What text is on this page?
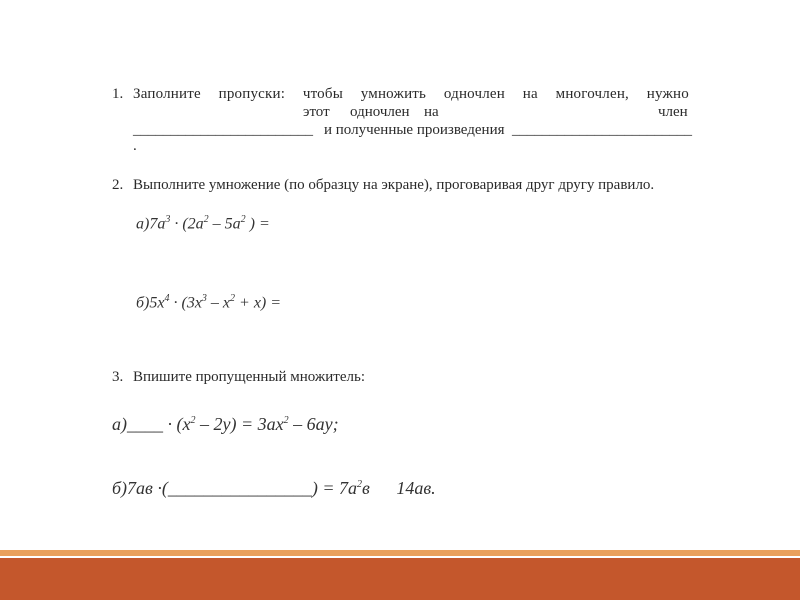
1. Заполните пропуски: чтобы умножить одночлен на многочлен, нужно
этот одночлен на	член
________________________ и полученные произведения ________________________
.
2. Выполните умножение (по образцу на экране), проговаривая друг другу правило.
$а)7а^3 \cdot (2а^2 - 5а^2$ ) =
$б)5x^4 \cdot (3x^3 - x^2 + x)$ =
3. Впишите пропущенный множитель:
а)____ · $(x^2 - 2y) = 3ax^2 - 6ay$;
б)7ав ·(________________) = $7a^2в$ 14aв.
